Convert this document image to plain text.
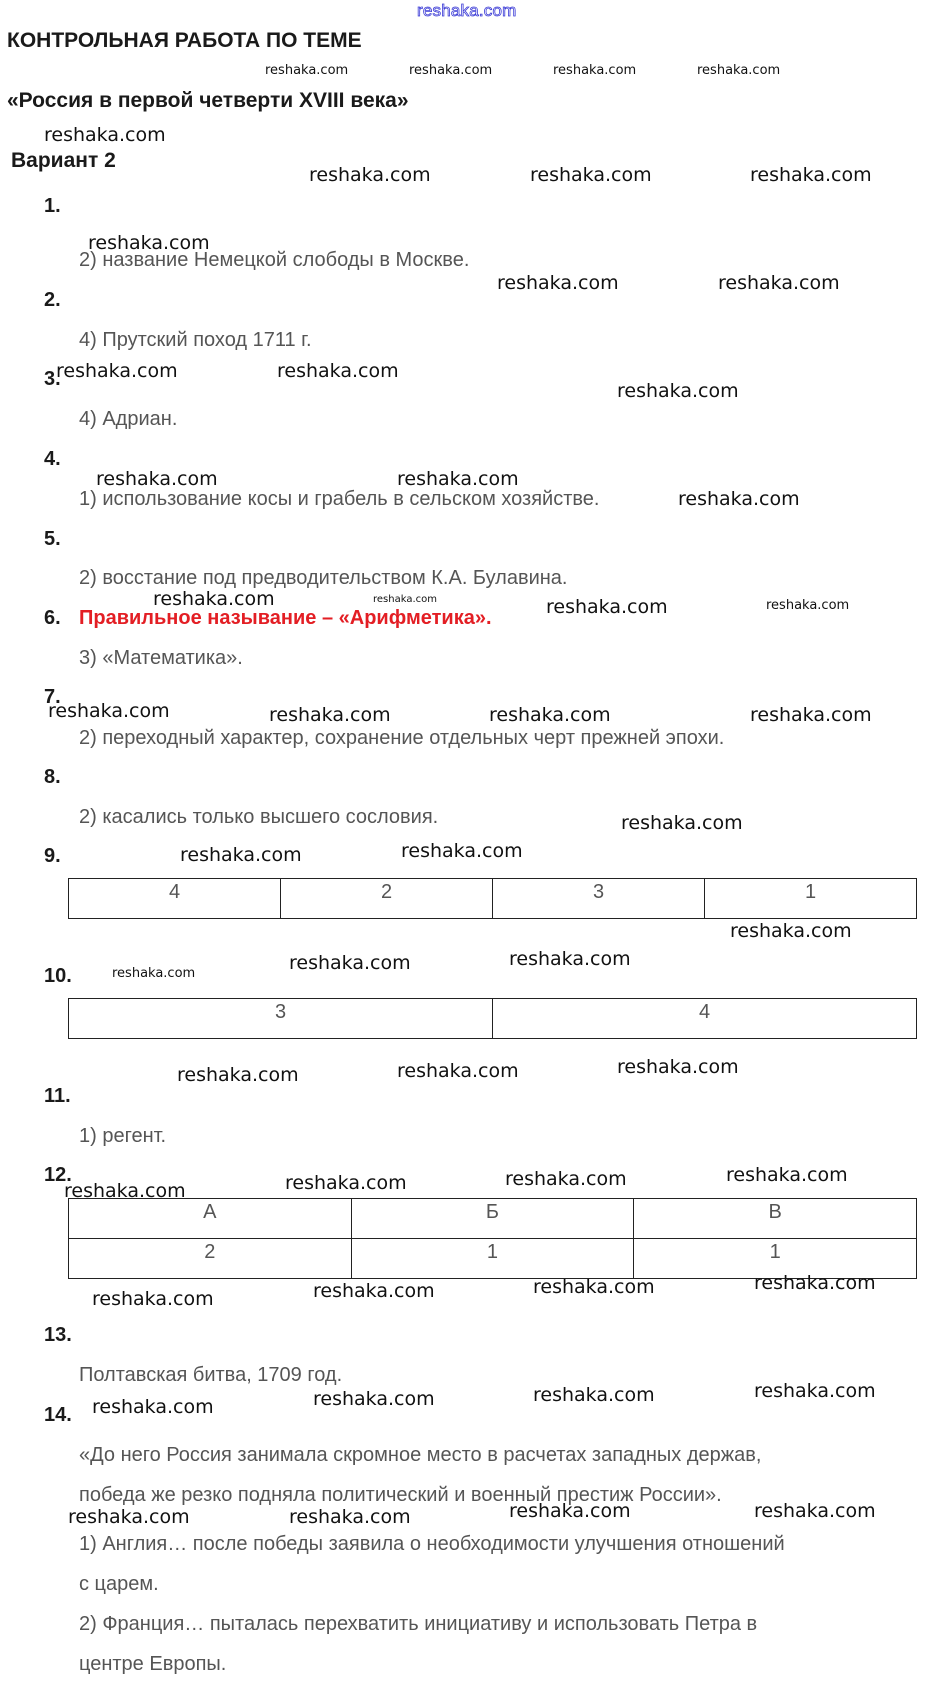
reshaka.com
КОНТРОЛЬНАЯ РАБОТА ПО ТЕМЕ
«Россия в первой четверти XVIII века»
Вариант 2
1.
2) название Немецкой слободы в Москве.
2.
4) Прутский поход 1711 г.
3.
4) Адриан.
4.
1) использование косы и грабель в сельском хозяйстве.
5.
2) восстание под предводительством К.А. Булавина.
6. Правильное называние – «Арифметика».
3) «Математика».
7.
2) переходный характер, сохранение отдельных черт прежней эпохи.
8.
2) касались только высшего сословия.
9.
4	2	3	1
10.
3	4
11.
1) регент.
12.
А	Б	В
2	1	1
13.
Полтавская битва, 1709 год.
14.
«До него Россия занимала скромное место в расчетах западных держав,
победа же резко подняла политический и военный престиж России».
1) Англия… после победы заявила о необходимости улучшения отношений
с царем.
2) Франция… пыталась перехватить инициативу и использовать Петра в
центре Европы.
reshaka.com	reshaka.com	reshaka.com	reshaka.com
reshaka.com
reshaka.com	reshaka.com	reshaka.com
reshaka.com
reshaka.com	reshaka.com
reshaka.com	reshaka.com
reshaka.com
reshaka.com	reshaka.com
reshaka.com
reshaka.com	reshaka.com	reshaka.com	reshaka.com
reshaka.com	reshaka.com	reshaka.com	reshaka.com
reshaka.com
reshaka.com	reshaka.com
reshaka.com
reshaka.com	reshaka.com	reshaka.com
reshaka.com	reshaka.com	reshaka.com
reshaka.com	reshaka.com	reshaka.com	reshaka.com
reshaka.com	reshaka.com	reshaka.com	reshaka.com
reshaka.com	reshaka.com	reshaka.com	reshaka.com
reshaka.com	reshaka.com	reshaka.com	reshaka.com
